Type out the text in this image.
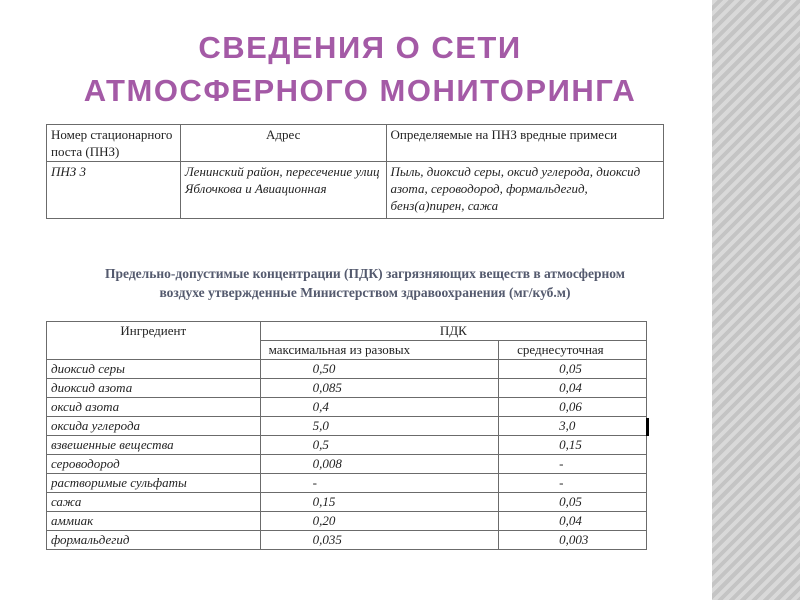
СВЕДЕНИЯ О СЕТИ
АТМОСФЕРНОГО МОНИТОРИНГА
Номер стационарного поста (ПНЗ)	Адрес	Определяемые на ПНЗ вредные примеси
ПНЗ 3	Ленинский район, пересечение улиц Яблочкова и Авиационная	Пыль, диоксид серы, оксид углерода, диоксид азота, сероводород, формальдегид, бенз(а)пирен, сажа
Предельно-допустимые концентрации (ПДК) загрязняющих веществ в атмосферном
воздухе утвержденные Министерством здравоохранения (мг/куб.м)
Ингредиент	ПДК	
	максимальная из разовых	среднесуточная
диоксид серы	0,50	0,05
диоксид азота	0,085	0,04
оксид азота	0,4	0,06
оксида углерода	5,0	3,0
взвешенные вещества	0,5	0,15
сероводород	0,008	-
растворимые сульфаты	-	-
сажа	0,15	0,05
аммиак	0,20	0,04
формальдегид	0,035	0,003
